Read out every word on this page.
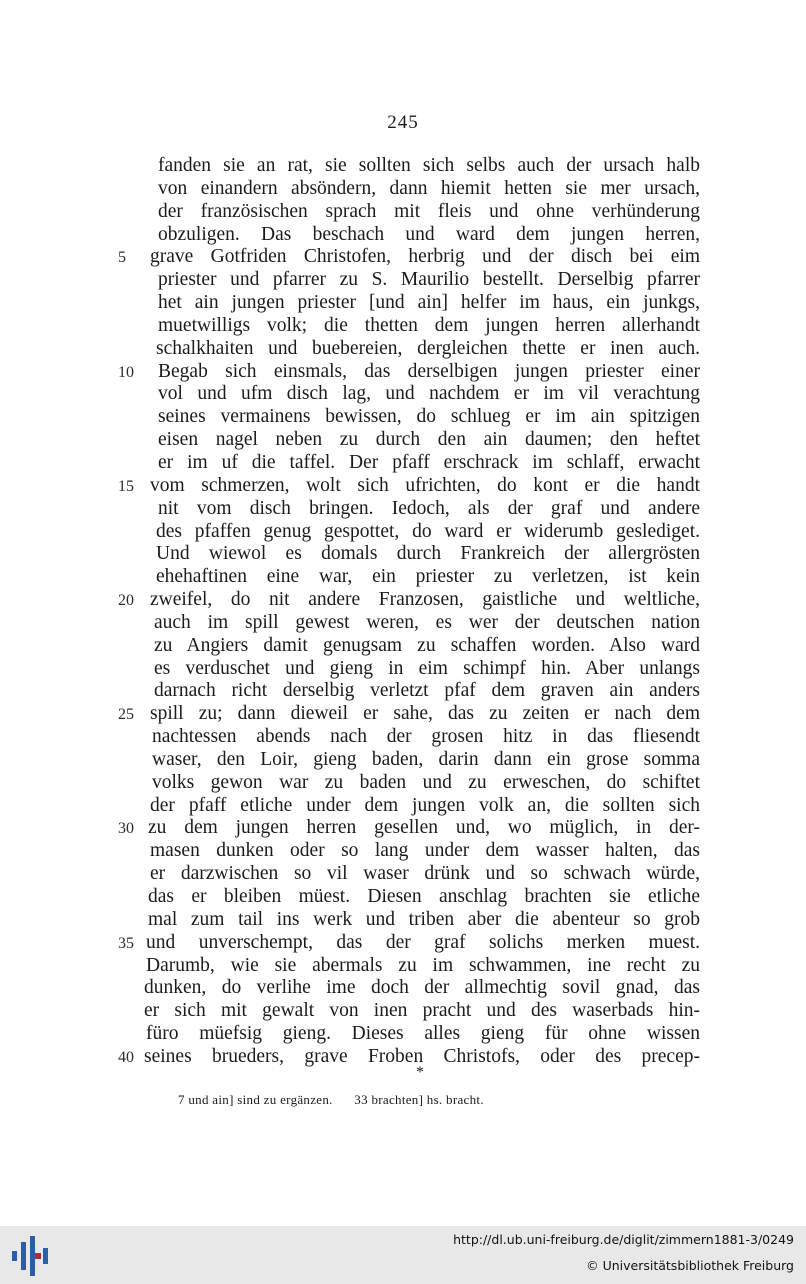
245
fanden sie an rat, sie sollten sich selbs auch der ursach halb
von einandern absöndern, dann hiemit hetten sie mer ursach,
der französischen sprach mit fleis und ohne verhünderung
obzuligen. Das beschach und ward dem jungen herren,
5	grave Gotfriden Christofen, herbrig und der disch bei eim
priester und pfarrer zu S. Maurilio bestellt. Derselbig pfarrer
het ain jungen priester [und ain] helfer im haus, ein junkgs,
muetwilligs volk; die thetten dem jungen herren allerhandt
schalkhaiten und buebereien, dergleichen thette er inen auch.
10	Begab sich einsmals, das derselbigen jungen priester einer
vol und ufm disch lag, und nachdem er im vil verachtung
seines vermainens bewissen, do schlueg er im ain spitzigen
eisen nagel neben zu durch den ain daumen; den heftet
er im uf die taffel. Der pfaff erschrack im schlaff, erwacht
15 vom schmerzen, wolt sich ufrichten, do kont er die handt
nit vom disch bringen. Iedoch, als der graf und andere
des pfaffen genug gespottet, do ward er widerumb geslediget.
Und wiewol es domals durch Frankreich der allergrösten
ehehaftinen eine war, ein priester zu verletzen, ist kein
20 zweifel, do nit andere Franzosen, gaistliche und weltliche,
auch im spill gewest weren, es wer der deutschen nation
zu Angiers damit genugsam zu schaffen worden. Also ward
es verduschet und gieng in eim schimpf hin. Aber unlangs
darnach richt derselbig verletzt pfaf dem graven ain anders
25 spill zu; dann dieweil er sahe, das zu zeiten er nach dem
nachtessen abends nach der grosen hitz in das fliesendt
waser, den Loir, gieng baden, darin dann ein grose somma
volks gewon war zu baden und zu erweschen, do schiftet
der pfaff etliche under dem jungen volk an, die sollten sich
30 zu dem jungen herren gesellen und, wo müglich, in der-
masen dunken oder so lang under dem wasser halten, das
er darzwischen so vil waser drünk und so schwach würde,
das er bleiben müest. Diesen anschlag brachten sie etliche
mal zum tail ins werk und triben aber die abenteur so grob
35 und unverschempt, das der graf solichs merken muest.
Darumb, wie sie abermals zu im schwammen, ine recht zu
dunken, do verlihe ime doch der allmechtig sovil gnad, das
er sich mit gewalt von inen pracht und des waserbads hin-
füro müefsig gieng. Dieses alles gieng für ohne wissen
40 seines brueders, grave Froben Christofs, oder des precep-
*
7 und ain] sind zu ergänzen. 33 brachten] hs. bracht.
http://dl.ub.uni-freiburg.de/diglit/zimmern1881-3/0249
© Universitätsbibliothek Freiburg
